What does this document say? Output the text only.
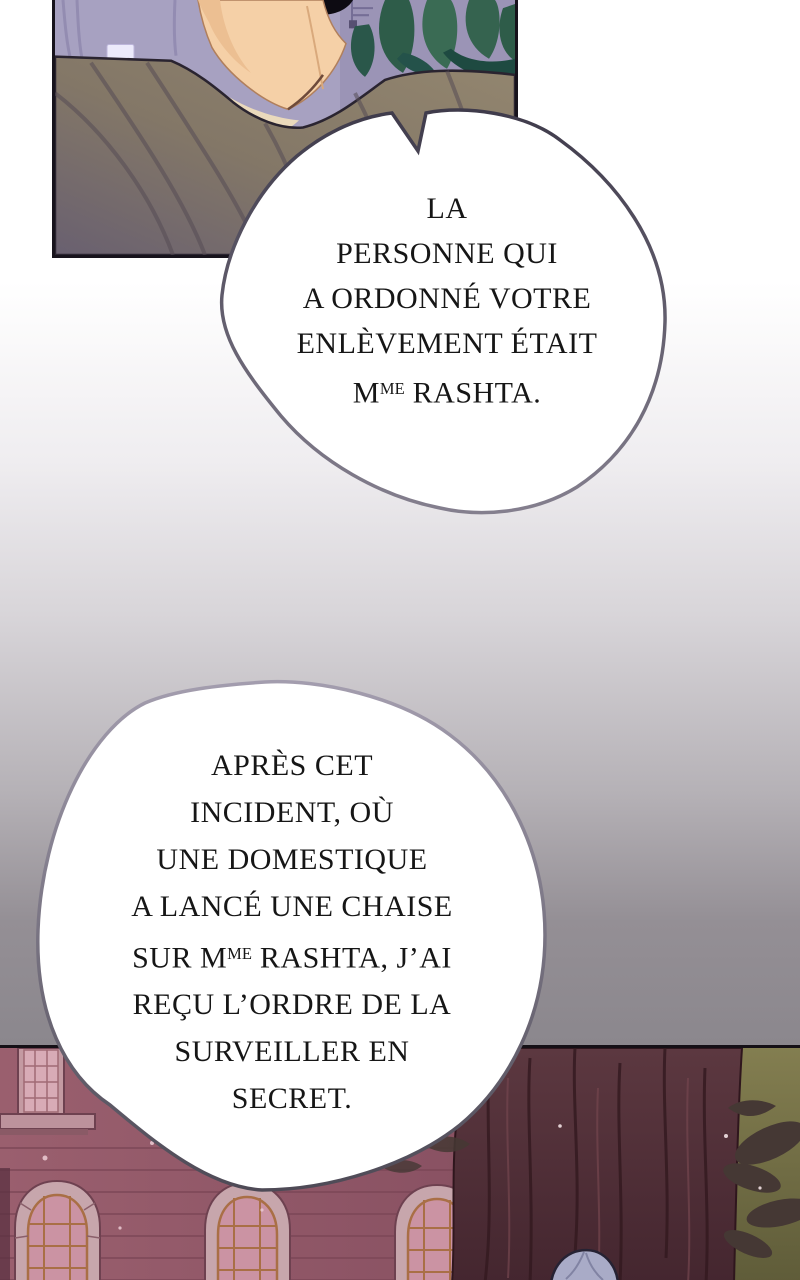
LA
PERSONNE QUI
A ORDONNÉ VOTRE
ENLÈVEMENT ÉTAIT
$M^{ME}$ RASHTA.
APRÈS CET
INCIDENT, OÙ
UNE DOMESTIQUE
A LANCÉ UNE CHAISE
SUR $M^{ME}$ RASHTA, J’AI
REÇU L’ORDRE DE LA
SURVEILLER EN
SECRET.
